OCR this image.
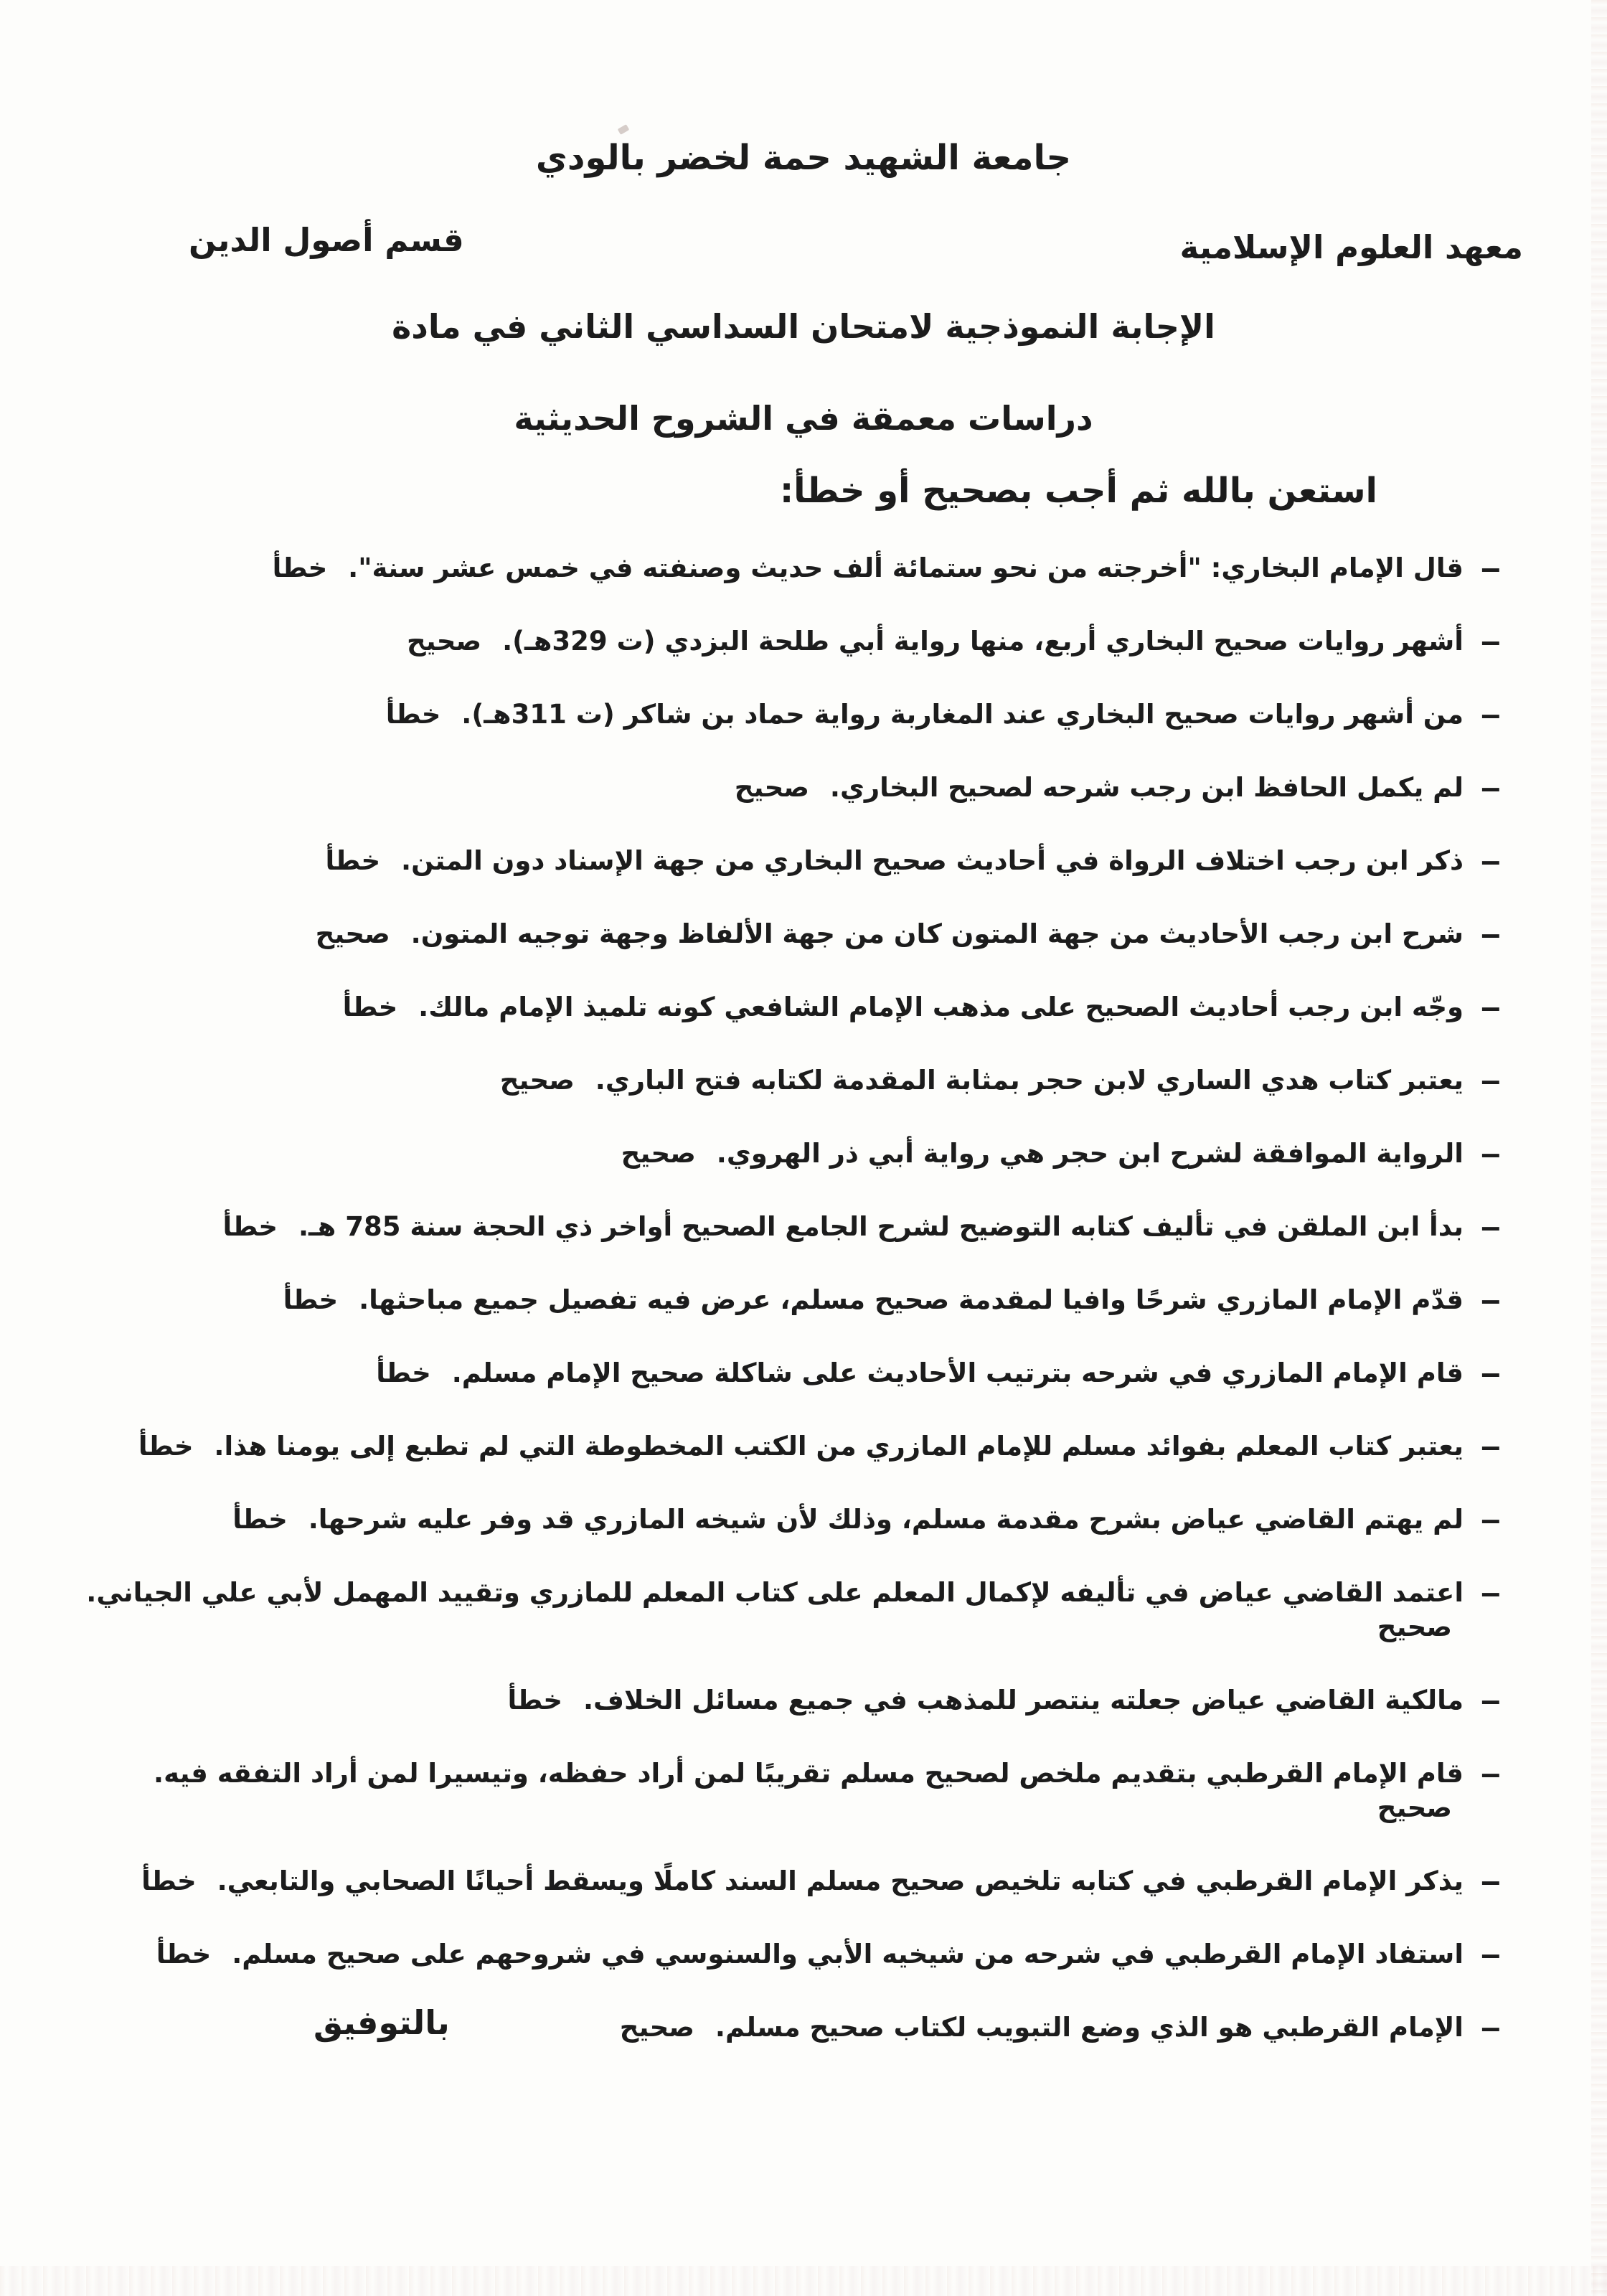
جامعة الشهيد حمة لخضر بالودي
معهد العلوم الإسلامية
قسم أصول الدين
الإجابة النموذجية لامتحان السداسي الثاني في مادة
دراسات معمقة في الشروح الحديثية
استعن بالله ثم أجب بصحيح أو خطأ:
–

قال الإمام البخاري: "أخرجته من نحو ستمائة ألف حديث وصنفته في خمس عشر سنة". خطأ

–

أشهر روايات صحيح البخاري أربع، منها رواية أبي طلحة البزدي (ت 329هـ). صحيح

–

من أشهر روايات صحيح البخاري عند المغاربة رواية حماد بن شاكر (ت 311هـ). خطأ

–

لم يكمل الحافظ ابن رجب شرحه لصحيح البخاري. صحيح

–

ذكر ابن رجب اختلاف الرواة في أحاديث صحيح البخاري من جهة الإسناد دون المتن. خطأ

–

شرح ابن رجب الأحاديث من جهة المتون كان من جهة الألفاظ وجهة توجيه المتون. صحيح

–

وجّه ابن رجب أحاديث الصحيح على مذهب الإمام الشافعي كونه تلميذ الإمام مالك. خطأ

–

يعتبر كتاب هدي الساري لابن حجر بمثابة المقدمة لكتابه فتح الباري. صحيح

–

الرواية الموافقة لشرح ابن حجر هي رواية أبي ذر الهروي. صحيح

–

بدأ ابن الملقن في تأليف كتابه التوضيح لشرح الجامع الصحيح أواخر ذي الحجة سنة 785 هـ. خطأ

–

قدّم الإمام المازري شرحًا وافيا لمقدمة صحيح مسلم، عرض فيه تفصيل جميع مباحثها. خطأ

–

قام الإمام المازري في شرحه بترتيب الأحاديث على شاكلة صحيح الإمام مسلم. خطأ

–

يعتبر كتاب المعلم بفوائد مسلم للإمام المازري من الكتب المخطوطة التي لم تطبع إلى يومنا هذا. خطأ

–

لم يهتم القاضي عياض بشرح مقدمة مسلم، وذلك لأن شيخه المازري قد وفر عليه شرحها. خطأ

–

اعتمد القاضي عياض في تأليفه لإكمال المعلم على كتاب المعلم للمازري وتقييد المهمل لأبي علي الجياني. صحيح

–

مالكية القاضي عياض جعلته ينتصر للمذهب في جميع مسائل الخلاف. خطأ

–

قام الإمام القرطبي بتقديم ملخص لصحيح مسلم تقريبًا لمن أراد حفظه، وتيسيرا لمن أراد التفقه فيه. صحيح

–

يذكر الإمام القرطبي في كتابه تلخيص صحيح مسلم السند كاملًا ويسقط أحيانًا الصحابي والتابعي. خطأ

–

استفاد الإمام القرطبي في شرحه من شيخيه الأبي والسنوسي في شروحهم على صحيح مسلم. خطأ

–

الإمام القرطبي هو الذي وضع التبويب لكتاب صحيح مسلم. صحيح

بالتوفيق
